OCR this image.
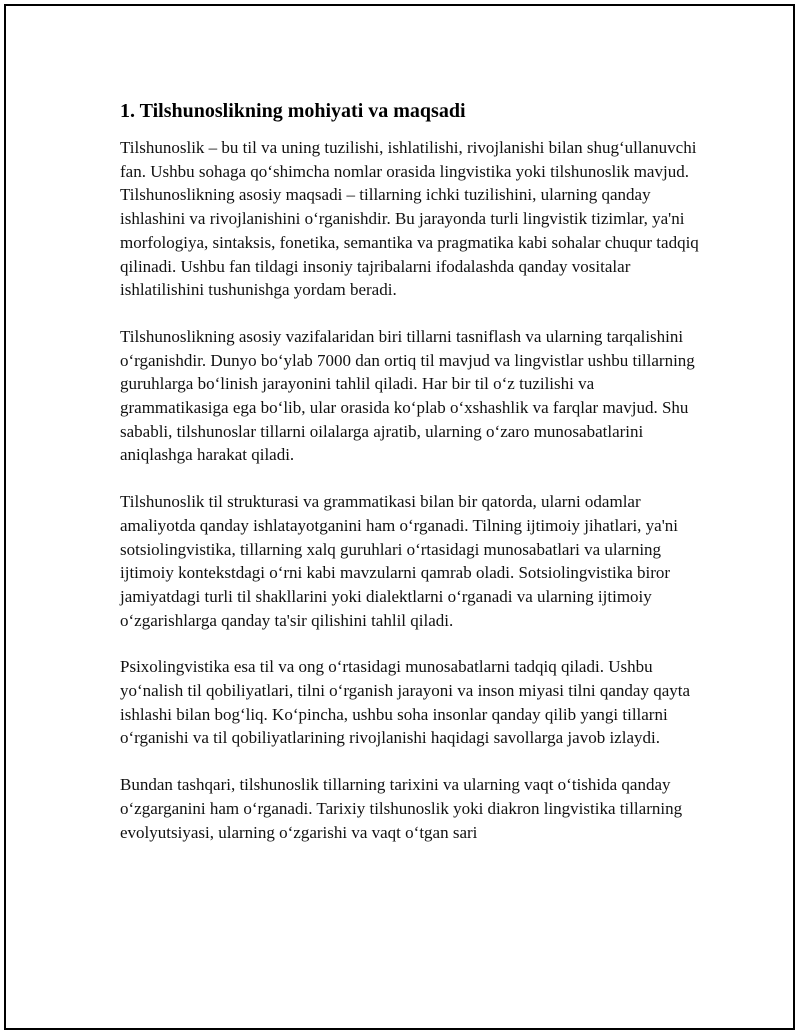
1. Tilshunoslikning mohiyati va maqsadi

Tilshunoslik – bu til va uning tuzilishi, ishlatilishi, rivojlanishi bilan shug‘ullanuvchi fan. Ushbu sohaga qo‘shimcha nomlar orasida lingvistika yoki tilshunoslik mavjud. Tilshunoslikning asosiy maqsadi – tillarning ichki tuzilishini, ularning qanday ishlashini va rivojlanishini o‘rganishdir. Bu jarayonda turli lingvistik tizimlar, ya'ni morfologiya, sintaksis, fonetika, semantika va pragmatika kabi sohalar chuqur tadqiq qilinadi. Ushbu fan tildagi insoniy tajribalarni ifodalashda qanday vositalar ishlatilishini tushunishga yordam beradi.

Tilshunoslikning asosiy vazifalaridan biri tillarni tasniflash va ularning tarqalishini o‘rganishdir. Dunyo bo‘ylab 7000 dan ortiq til mavjud va lingvistlar ushbu tillarning guruhlarga bo‘linish jarayonini tahlil qiladi. Har bir til o‘z tuzilishi va grammatikasiga ega bo‘lib, ular orasida ko‘plab o‘xshashlik va farqlar mavjud. Shu sababli, tilshunoslar tillarni oilalarga ajratib, ularning o‘zaro munosabatlarini aniqlashga harakat qiladi.

Tilshunoslik til strukturasi va grammatikasi bilan bir qatorda, ularni odamlar amaliyotda qanday ishlatayotganini ham o‘rganadi. Tilning ijtimoiy jihatlari, ya'ni sotsiolingvistika, tillarning xalq guruhlari o‘rtasidagi munosabatlari va ularning ijtimoiy kontekstdagi o‘rni kabi mavzularni qamrab oladi. Sotsiolingvistika biror jamiyatdagi turli til shakllarini yoki dialektlarni o‘rganadi va ularning ijtimoiy o‘zgarishlarga qanday ta'sir qilishini tahlil qiladi.

Psixolingvistika esa til va ong o‘rtasidagi munosabatlarni tadqiq qiladi. Ushbu yo‘nalish til qobiliyatlari, tilni o‘rganish jarayoni va inson miyasi tilni qanday qayta ishlashi bilan bog‘liq. Ko‘pincha, ushbu soha insonlar qanday qilib yangi tillarni o‘rganishi va til qobiliyatlarining rivojlanishi haqidagi savollarga javob izlaydi.

Bundan tashqari, tilshunoslik tillarning tarixini va ularning vaqt o‘tishida qanday o‘zgarganini ham o‘rganadi. Tarixiy tilshunoslik yoki diakron lingvistika tillarning evolyutsiyasi, ularning o‘zgarishi va vaqt o‘tgan sari
